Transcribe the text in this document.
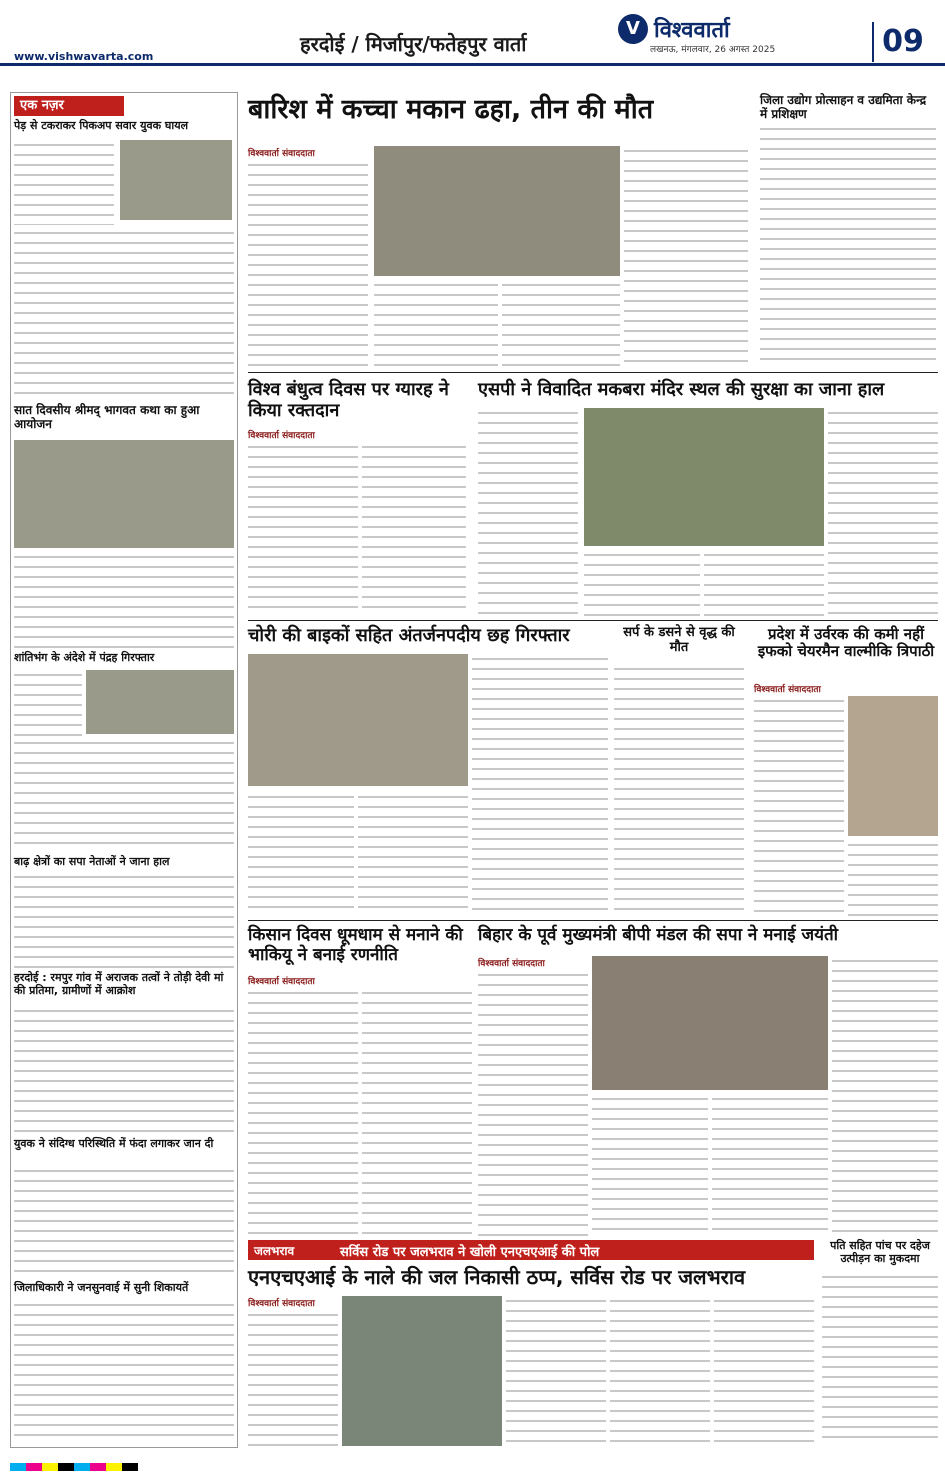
www.vishwavarta.com
हरदोई / मिर्जापुर/फतेहपुर वार्ता
V विश्ववार्ता
लखनऊ, मंगलवार, 26 अगस्त 2025	09
एक नज़र
पेड़ से टकराकर पिकअप सवार युवक घायल
सात दिवसीय श्रीमद् भागवत कथा का हुआ आयोजन
शांतिभंग के अंदेशे में पंद्रह गिरफ्तार
बाढ़ क्षेत्रों का सपा नेताओं ने जाना हाल
हरदोई : रमपुर गांव में अराजक तत्वों ने तोड़ी देवी मां की प्रतिमा, ग्रामीणों में आक्रोश
युवक ने संदिग्ध परिस्थिति में फंदा लगाकर जान दी
जिलाधिकारी ने जनसुनवाई में सुनी शिकायतें
बारिश में कच्चा मकान ढहा, तीन की मौत
विश्ववार्ता संवाददाता
जिला उद्योग प्रोत्साहन व उद्यमिता केन्द्र में प्रशिक्षण
विश्व बंधुत्व दिवस पर ग्यारह ने किया रक्तदान
विश्ववार्ता संवाददाता
एसपी ने विवादित मकबरा मंदिर स्थल की सुरक्षा का जाना हाल
चोरी की बाइकों सहित अंतर्जनपदीय छह गिरफ्तार	सर्प के डसने से वृद्ध की मौत
प्रदेश में उर्वरक की कमी नहीं इफको चेयरमैन वाल्मीकि त्रिपाठी
विश्ववार्ता संवाददाता
किसान दिवस धूमधाम से मनाने की भाकियू ने बनाई रणनीति
विश्ववार्ता संवाददाता
बिहार के पूर्व मुख्यमंत्री बीपी मंडल की सपा ने मनाई जयंती
विश्ववार्ता संवाददाता
जलभराव	सर्विस रोड पर जलभराव ने खोली एनएचएआई की पोल
एनएचएआई के नाले की जल निकासी ठप्प, सर्विस रोड पर जलभराव
विश्ववार्ता संवाददाता
पति सहित पांच पर दहेज उत्पीड़न का मुकदमा
